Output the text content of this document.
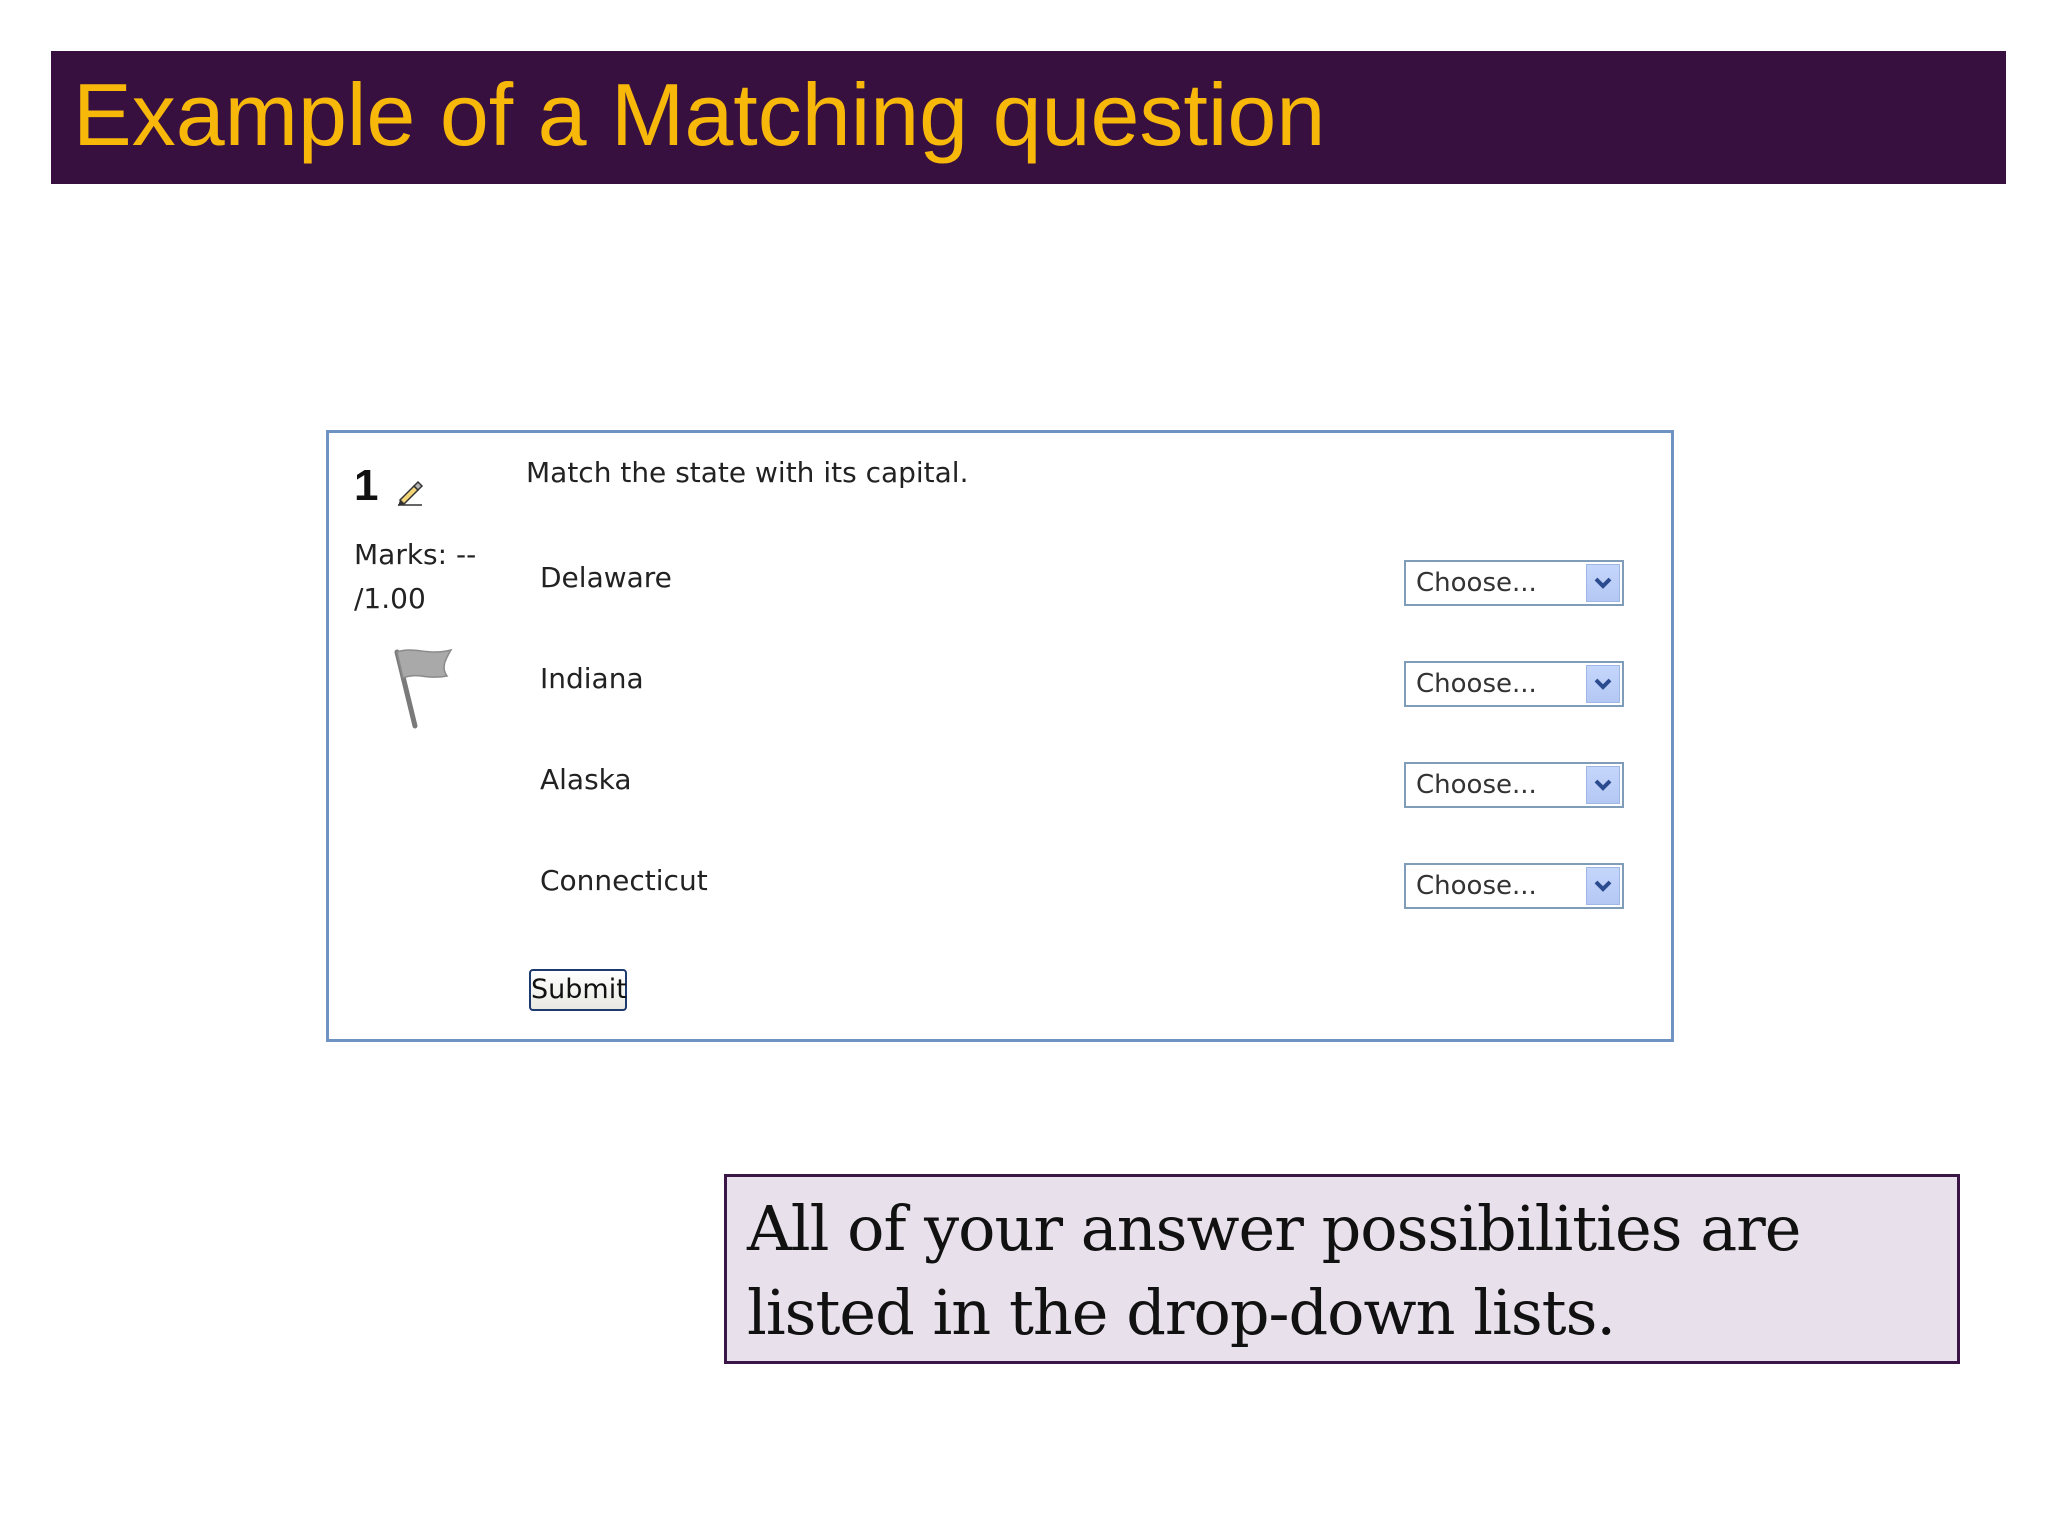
Example of a Matching question
1
Marks: --
/1.00
Match the state with its capital.
Delaware	Choose...
Indiana	Choose...
Alaska	Choose...
Connecticut	Choose...
Submit
All of your answer possibilities are listed in the drop-down lists.
